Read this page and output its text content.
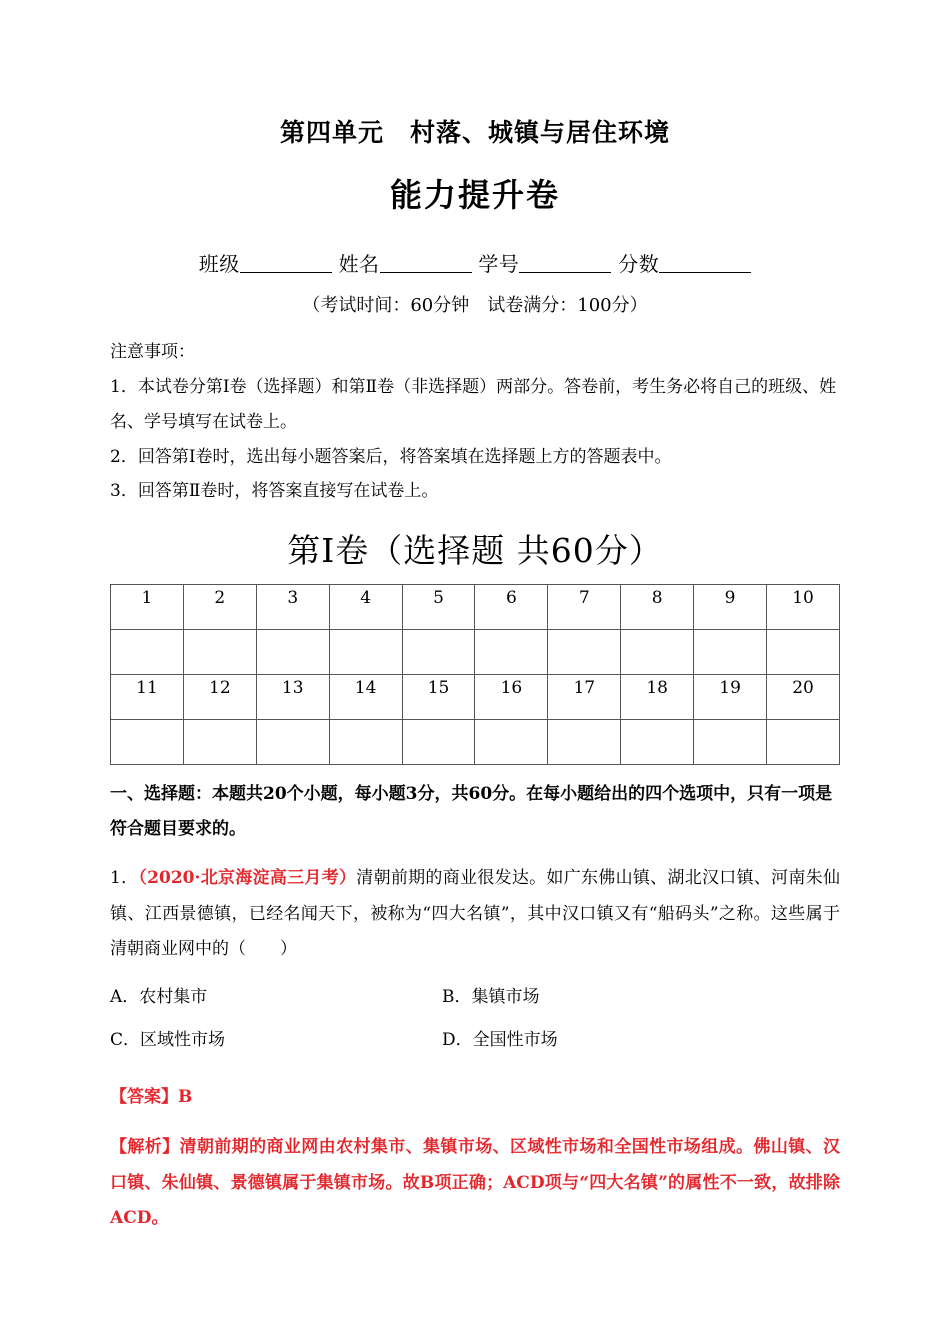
第四单元　村落、城镇与居住环境
能力提升卷
班级	姓名	学号	分数
（考试时间：60分钟　试卷满分：100分）
注意事项：
1．本试卷分第Ⅰ卷（选择题）和第Ⅱ卷（非选择题）两部分。答卷前，考生务必将自己的班级、姓名、学号填写在试卷上。
2．回答第Ⅰ卷时，选出每小题答案后，将答案填在选择题上方的答题表中。
3．回答第Ⅱ卷时，将答案直接写在试卷上。
第Ⅰ卷（选择题 共60分）
1	2	3	4	5	6	7	8	9	10

11	12	13	14	15	16	17	18	19	20

一、选择题：本题共20个小题，每小题3分，共60分。在每小题给出的四个选项中，只有一项是符合题目要求的。
1．（2020·北京海淀高三月考）清朝前期的商业很发达。如广东佛山镇、湖北汉口镇、河南朱仙镇、江西景德镇，已经名闻天下，被称为“四大名镇”，其中汉口镇又有“船码头”之称。这些属于清朝商业网中的（　　）
A．农村集市	B．集镇市场
C．区域性市场	D．全国性市场
【答案】B
【解析】清朝前期的商业网由农村集市、集镇市场、区域性市场和全国性市场组成。佛山镇、汉口镇、朱仙镇、景德镇属于集镇市场。故B项正确；ACD项与“四大名镇”的属性不一致，故排除ACD。
